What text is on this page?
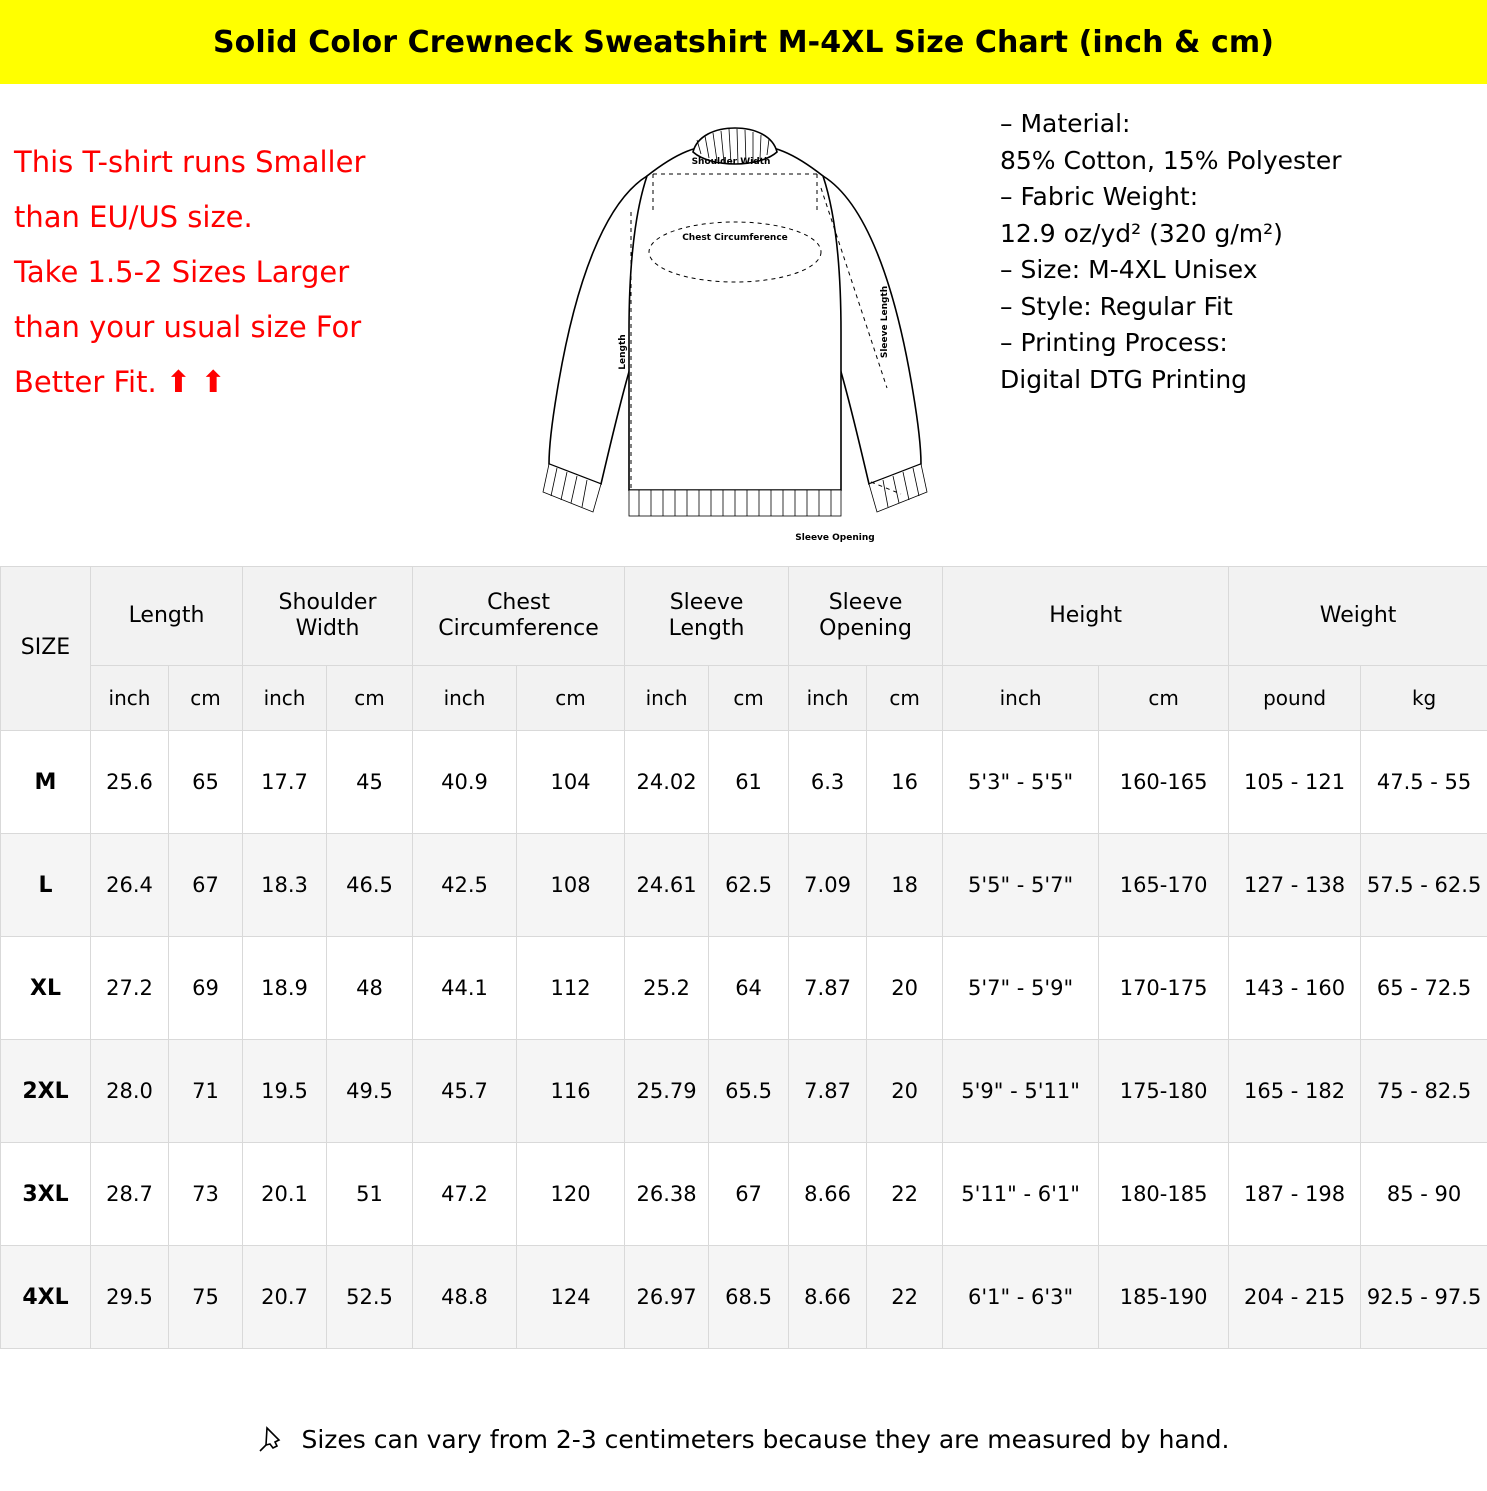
Solid Color Crewneck Sweatshirt M-4XL Size Chart (inch & cm)

This T-shirt runs Smaller

than EU/US size.

Take 1.5-2 Sizes Larger

than your usual size For

Better Fit. ⬆ ⬆

Shoulder Width
Chest Circumference
Length	Sleeve Length
Sleeve Opening
– Material:
85% Cotton, 15% Polyester
– Fabric Weight:
12.9 oz/yd² (320 g/m²)
– Size: M-4XL Unisex
– Style: Regular Fit
– Printing Process:
Digital DTG Printing
SIZE	Length		Shoulder Width		Chest Circumference		Sleeve Length		Sleeve Opening		Height		Weight	
	inch	cm	inch	cm	inch	cm	inch	cm	inch	cm	inch	cm	pound	kg
M	25.6	65	17.7	45	40.9	104	24.02	61	6.3	16	5'3" - 5'5"	160-165	105 - 121	47.5 - 55
L	26.4	67	18.3	46.5	42.5	108	24.61	62.5	7.09	18	5'5" - 5'7"	165-170	127 - 138	57.5 - 62.5
XL	27.2	69	18.9	48	44.1	112	25.2	64	7.87	20	5'7" - 5'9"	170-175	143 - 160	65 - 72.5
2XL	28.0	71	19.5	49.5	45.7	116	25.79	65.5	7.87	20	5'9" - 5'11"	175-180	165 - 182	75 - 82.5
3XL	28.7	73	20.1	51	47.2	120	26.38	67	8.66	22	5'11" - 6'1"	180-185	187 - 198	85 - 90
4XL	29.5	75	20.7	52.5	48.8	124	26.97	68.5	8.66	22	6'1" - 6'3"	185-190	204 - 215	92.5 - 97.5
Sizes can vary from 2-3 centimeters because they are measured by hand.
